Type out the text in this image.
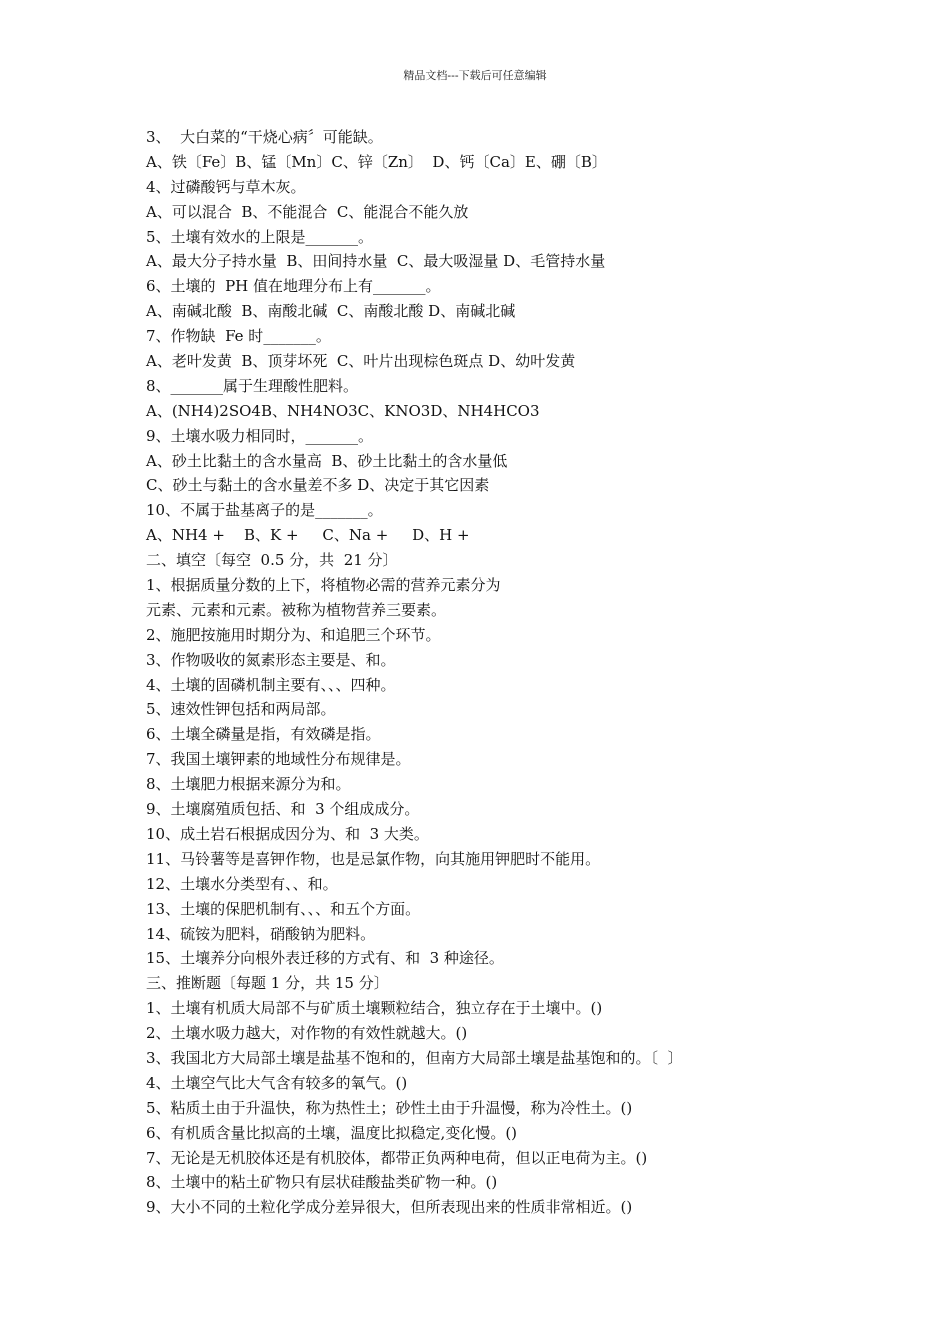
精品文档---下载后可任意编辑
3、  大白菜的“干烧心病〞可能缺。
A、铁〔Fe〕B、锰〔Mn〕C、锌〔Zn〕  D、钙〔Ca〕E、硼〔B〕
4、过磷酸钙与草木灰。
A、可以混合  B、不能混合  C、能混合不能久放
5、土壤有效水的上限是_______。
A、最大分子持水量  B、田间持水量  C、最大吸湿量 D、毛管持水量
6、土壤的  PH 值在地理分布上有_______。
A、南碱北酸  B、南酸北碱  C、南酸北酸 D、南碱北碱
7、作物缺  Fe 时_______。
A、老叶发黄  B、顶芽坏死  C、叶片出现棕色斑点 D、幼叶发黄
8、_______属于生理酸性肥料。
A、(NH4)2SO4B、NH4NO3C、KNO3D、NH4HCO3
9、土壤水吸力相同时，_______。
A、砂土比黏土的含水量高  B、砂土比黏土的含水量低
C、砂土与黏土的含水量差不多 D、决定于其它因素
10、不属于盐基离子的是_______。
A、NH4 +    B、K +     C、Na +     D、H +
二、填空〔每空  0.5 分，共  21 分〕
1、根据质量分数的上下，将植物必需的营养元素分为
元素、元素和元素。被称为植物营养三要素。
2、施肥按施用时期分为、和追肥三个环节。
3、作物吸收的氮素形态主要是、和。
4、土壤的固磷机制主要有、、、四种。
5、速效性钾包括和两局部。
6、土壤全磷量是指，有效磷是指。
7、我国土壤钾素的地域性分布规律是。
8、土壤肥力根据来源分为和。
9、土壤腐殖质包括、和  3 个组成成分。
10、成土岩石根据成因分为、和  3 大类。
11、马铃薯等是喜钾作物，也是忌氯作物，向其施用钾肥时不能用。
12、土壤水分类型有、、和。
13、土壤的保肥机制有、、、和五个方面。
14、硫铵为肥料，硝酸钠为肥料。
15、土壤养分向根外表迁移的方式有、和  3 种途径。
三、推断题〔每题 1 分，共 15 分〕
1、土壤有机质大局部不与矿质土壤颗粒结合，独立存在于土壤中。()
2、土壤水吸力越大，对作物的有效性就越大。()
3、我国北方大局部土壤是盐基不饱和的，但南方大局部土壤是盐基饱和的。〔  〕
4、土壤空气比大气含有较多的氧气。()
5、粘质土由于升温快，称为热性土；砂性土由于升温慢，称为冷性土。()
6、有机质含量比拟高的土壤，温度比拟稳定,变化慢。()
7、无论是无机胶体还是有机胶体，都带正负两种电荷，但以正电荷为主。()
8、土壤中的粘土矿物只有层状硅酸盐类矿物一种。()
9、大小不同的土粒化学成分差异很大，但所表现出来的性质非常相近。()
